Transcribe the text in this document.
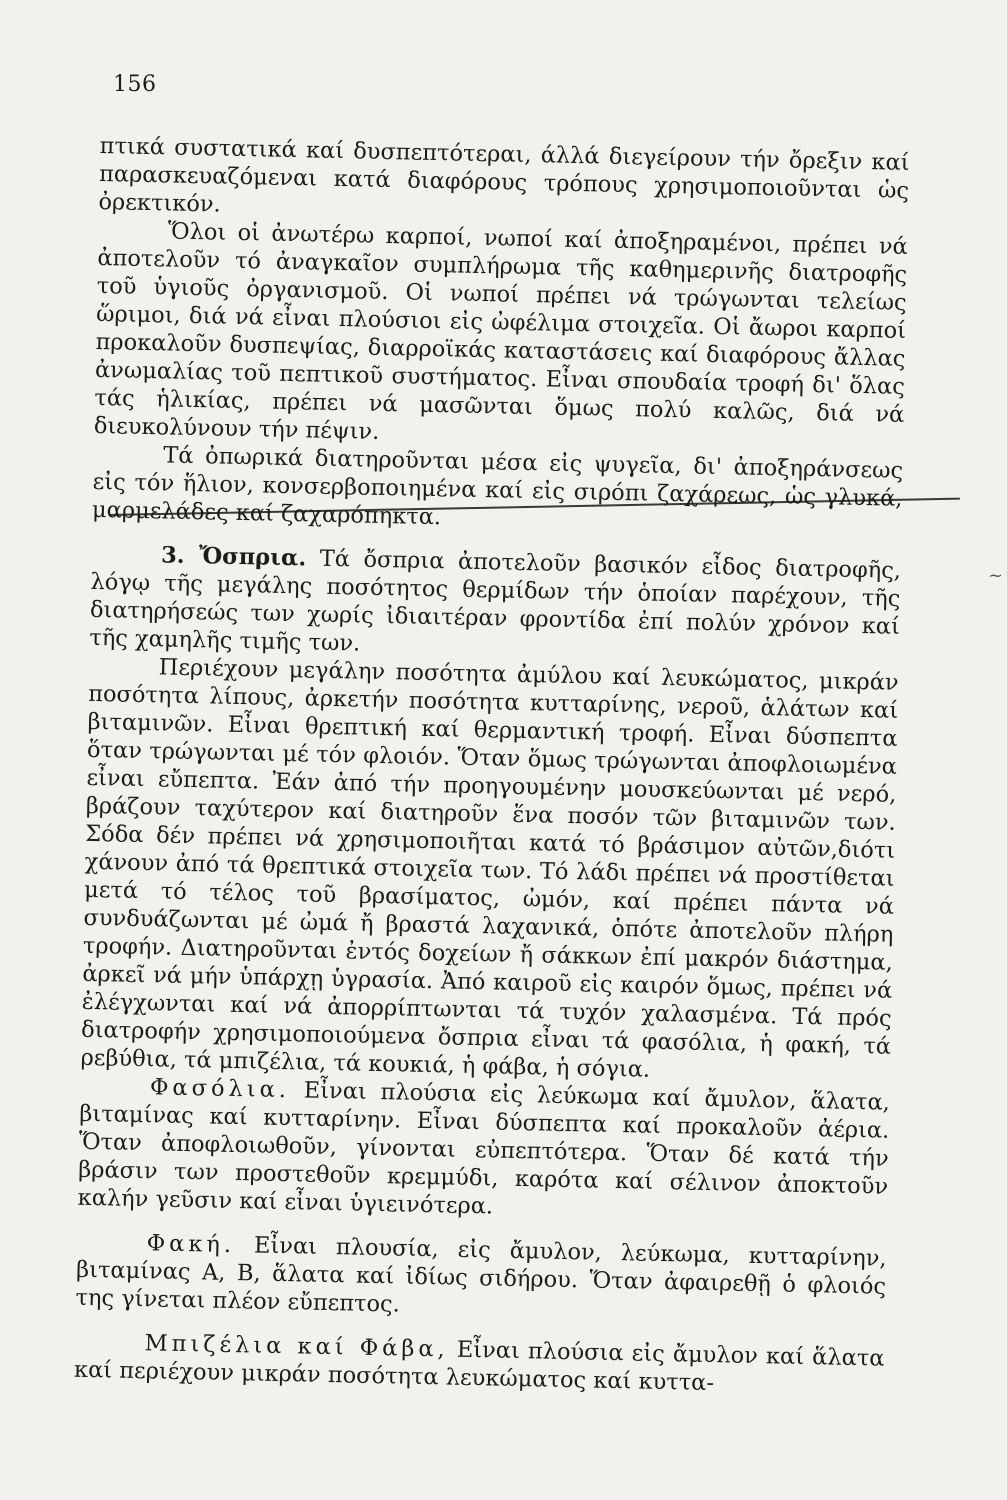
156
~

πτικά συστατικά καί δυσπεπτότεραι, άλλά διεγείρουν τήν ὄρεξιν καί παρασκευαζόμεναι κατά διαφόρους τρόπους χρησιμοποιοῦνται ὡς ὀρεκτικόν.

Ὅλοι οἱ ἀνωτέρω καρποί, νωποί καί ἀποξηραμένοι, πρέπει νά ἀποτελοῦν τό ἀναγκαῖον συμπλήρωμα τῆς καθημερινῆς διατροφῆς τοῦ ὑγιοῦς ὀργανισμοῦ. Οἱ νωποί πρέπει νά τρώγωνται τελείως ὥριμοι, διά νά εἶναι πλούσιοι εἰς ὠφέλιμα στοιχεῖα. Οἱ ἄωροι καρποί προκαλοῦν δυσπεψίας, διαρροϊκάς καταστάσεις καί διαφόρους ἄλλας ἀνωμαλίας τοῦ πεπτικοῦ συστήματος. Εἶναι σπουδαία τροφή δι' ὅλας τάς ἡλικίας, πρέπει νά μασῶνται ὅμως πολύ καλῶς, διά νά διευκολύνουν τήν πέψιν.

Τά ὀπωρικά διατηροῦνται μέσα εἰς ψυγεῖα, δι' ἀποξηράνσεως εἰς τόν ἥλιον, κονσερβοποιημένα καί εἰς σιρόπι ζαχάρεως, ὡς γλυκά, μαρμελάδες καί ζαχαρόπηκτα.

3. Ὄσπρια. Τά ὄσπρια ἀποτελοῦν βασικόν εἶδος διατροφῆς, λόγῳ τῆς μεγάλης ποσότητος θερμίδων τήν ὁποίαν παρέχουν, τῆς διατηρήσεώς των χωρίς ἰδιαιτέραν φροντίδα ἐπί πολύν χρόνον καί τῆς χαμηλῆς τιμῆς των.

Περιέχουν μεγάλην ποσότητα ἀμύλου καί λευκώματος, μικράν ποσότητα λίπους, ἀρκετήν ποσότητα κυτταρίνης, νεροῦ, ἁλάτων καί βιταμινῶν. Εἶναι θρεπτική καί θερμαντική τροφή. Εἶναι δύσπεπτα ὅταν τρώγωνται μέ τόν φλοιόν. Ὅταν ὅμως τρώγωνται ἀποφλοιωμένα εἶναι εὔπεπτα. Ἐάν ἀπό τήν προηγουμένην μουσκεύωνται μέ νερό, βράζουν ταχύτερον καί διατηροῦν ἕνα ποσόν τῶν βιταμινῶν των. Σόδα δέν πρέπει νά χρησιμοποιῆται κατά τό βράσιμον αὐτῶν,διότι χάνουν ἀπό τά θρεπτικά στοιχεῖα των. Τό λάδι πρέπει νά προστίθεται μετά τό τέλος τοῦ βρασίματος, ὠμόν, καί πρέπει πάντα νά συνδυάζωνται μέ ὠμά ἤ βραστά λαχανικά, ὁπότε ἀποτελοῦν πλήρη τροφήν. Διατηροῦνται ἐντός δοχείων ἤ σάκκων ἐπί μακρόν διάστημα, ἀρκεῖ νά μήν ὑπάρχῃ ὑγρασία. Ἀπό καιροῦ εἰς καιρόν ὅμως, πρέπει νά ἐλέγχωνται καί νά ἀπορρίπτωνται τά τυχόν χαλασμένα. Τά πρός διατροφήν χρησιμοποιούμενα ὄσπρια εἶναι τά φασόλια, ἡ φακή, τά ρεβύθια, τά μπιζέλια, τά κουκιά, ἡ φάβα, ἡ σόγια.

Φασόλια. Εἶναι πλούσια εἰς λεύκωμα καί ἄμυλον, ἅλατα, βιταμίνας καί κυτταρίνην. Εἶναι δύσπεπτα καί προκαλοῦν ἀέρια. Ὅταν ἀποφλοιωθοῦν, γίνονται εὐπεπτότερα. Ὅταν δέ κατά τήν βράσιν των προστεθοῦν κρεμμύδι, καρότα καί σέλινον ἀποκτοῦν καλήν γεῦσιν καί εἶναι ὑγιεινότερα.

Φακή. Εἶναι πλουσία, εἰς ἄμυλον, λεύκωμα, κυτταρίνην, βιταμίνας Α, Β, ἅλατα καί ἰδίως σιδήρου. Ὅταν ἀφαιρεθῇ ὁ φλοιός της γίνεται πλέον εὔπεπτος.

Μπιζέλια καί Φάβα, Εἶναι πλούσια εἰς ἄμυλον καί ἅλατα καί περιέχουν μικράν ποσότητα λευκώματος καί κυττα-
